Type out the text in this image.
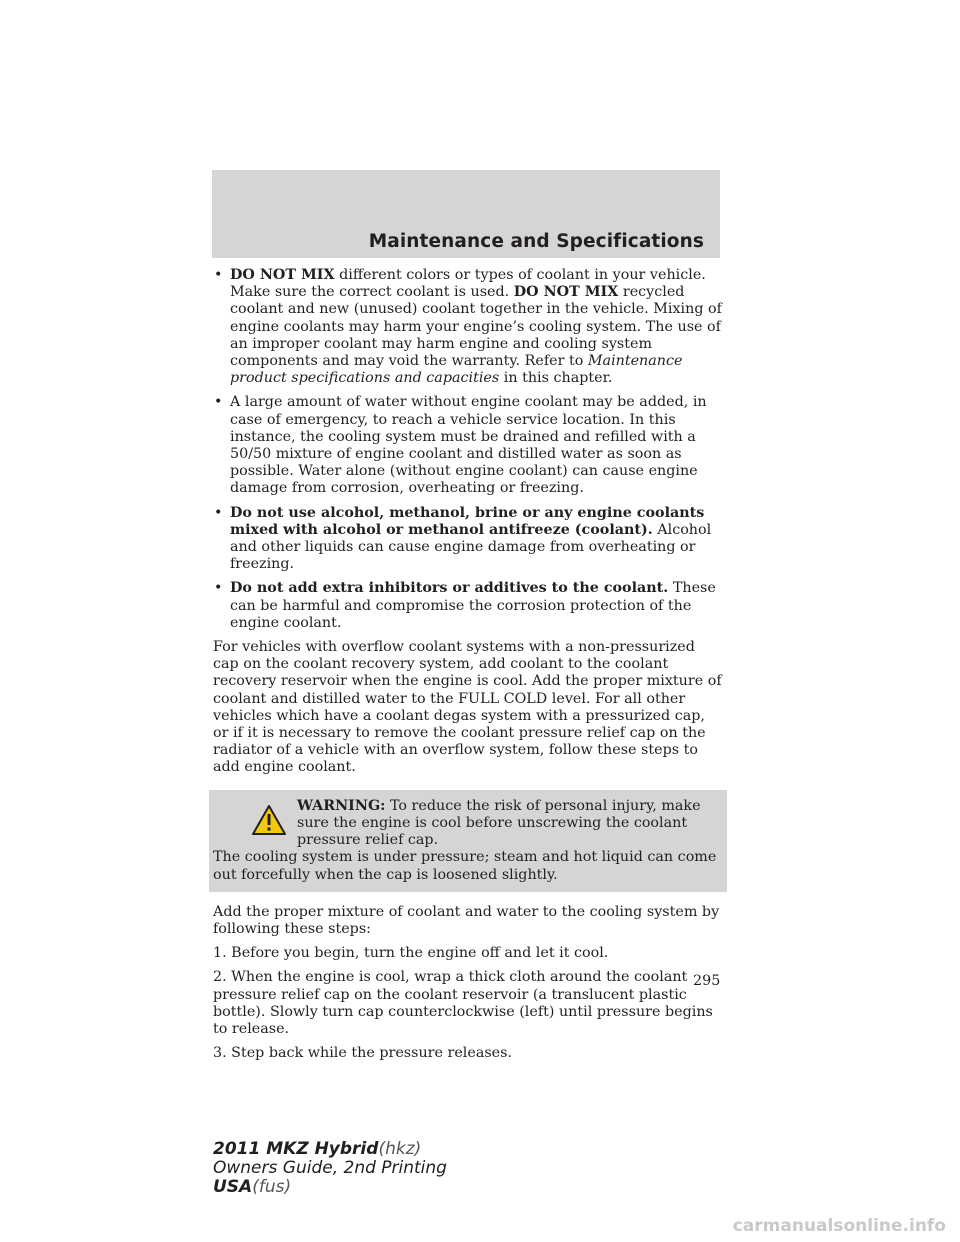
Maintenance and Specifications
• DO NOT MIX different colors or types of coolant in your vehicle. Make sure the correct coolant is used. DO NOT MIX recycled coolant and new (unused) coolant together in the vehicle. Mixing of engine coolants may harm your engine’s cooling system. The use of an improper coolant may harm engine and cooling system components and may void the warranty. Refer to Maintenance product specifications and capacities in this chapter.
• A large amount of water without engine coolant may be added, in case of emergency, to reach a vehicle service location. In this instance, the cooling system must be drained and refilled with a 50/50 mixture of engine coolant and distilled water as soon as possible. Water alone (without engine coolant) can cause engine damage from corrosion, overheating or freezing.
• Do not use alcohol, methanol, brine or any engine coolants mixed with alcohol or methanol antifreeze (coolant). Alcohol and other liquids can cause engine damage from overheating or freezing.
• Do not add extra inhibitors or additives to the coolant. These can be harmful and compromise the corrosion protection of the engine coolant.

For vehicles with overflow coolant systems with a non-pressurized cap on the coolant recovery system, add coolant to the coolant recovery reservoir when the engine is cool. Add the proper mixture of coolant and distilled water to the FULL COLD level. For all other vehicles which have a coolant degas system with a pressurized cap, or if it is necessary to remove the coolant pressure relief cap on the radiator of a vehicle with an overflow system, follow these steps to add engine coolant.

WARNING: To reduce the risk of personal injury, make sure the engine is cool before unscrewing the coolant pressure relief cap.
The cooling system is under pressure; steam and hot liquid can come out forcefully when the cap is loosened slightly.

Add the proper mixture of coolant and water to the cooling system by following these steps:

1. Before you begin, turn the engine off and let it cool.

2. When the engine is cool, wrap a thick cloth around the coolant pressure relief cap on the coolant reservoir (a translucent plastic bottle). Slowly turn cap counterclockwise (left) until pressure begins to release.

3. Step back while the pressure releases.

295

2011 MKZ Hybrid(hkz)
Owners Guide, 2nd Printing
USA(fus)

carmanualsonline.info
